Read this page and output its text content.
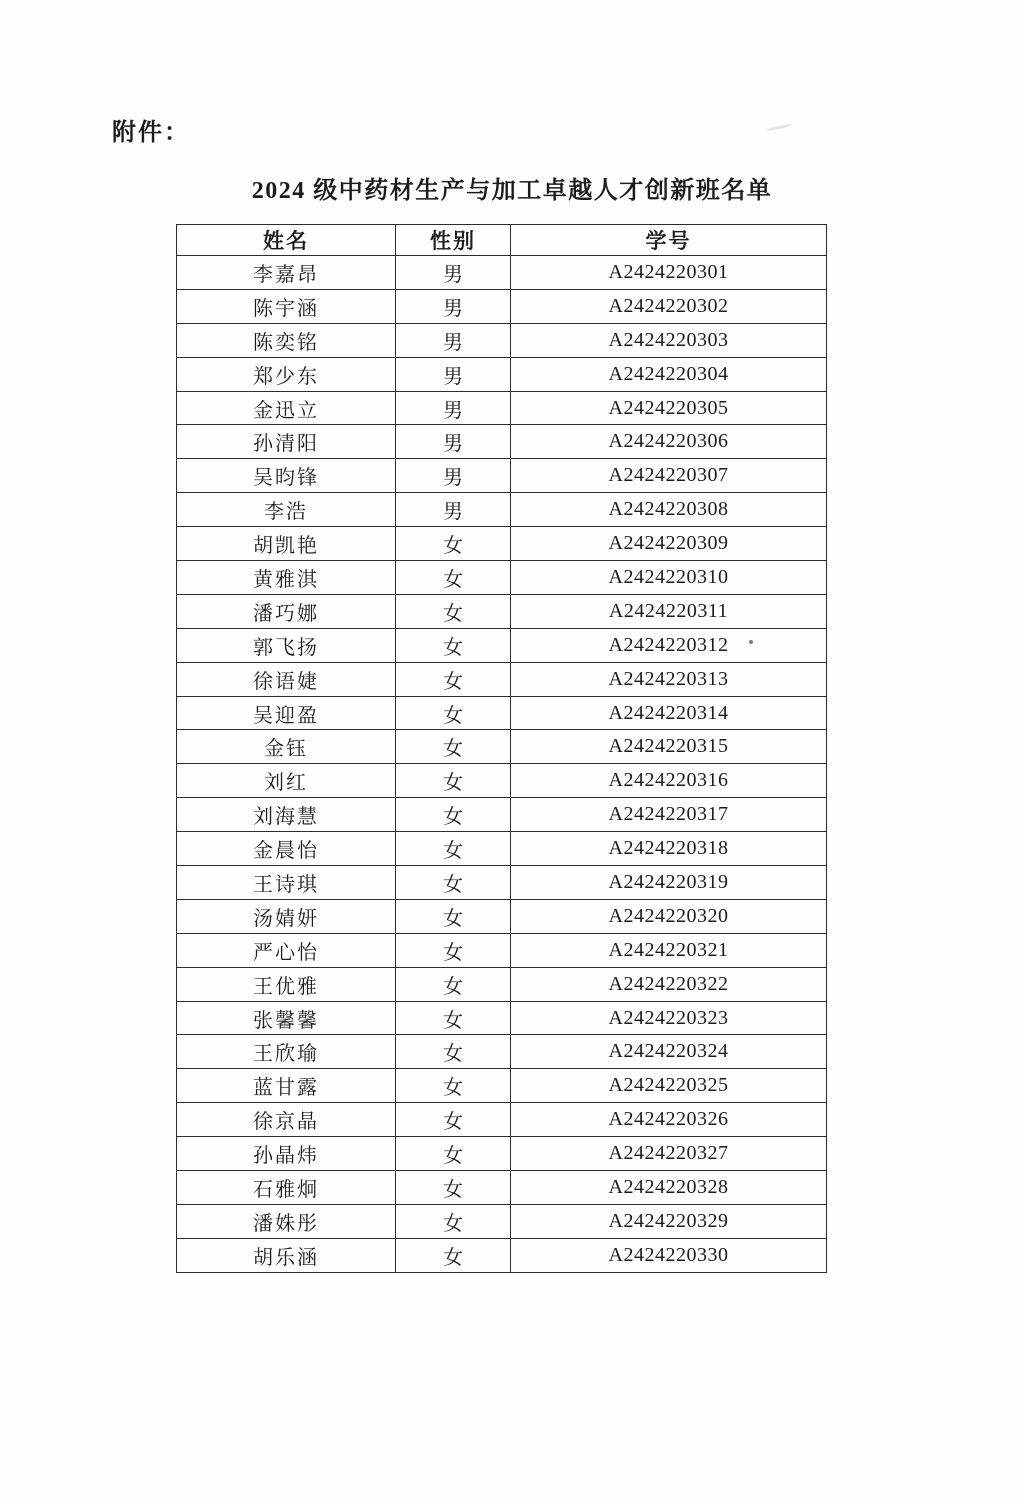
附件：
2024 级中药材生产与加工卓越人才创新班名单
姓名	性别	学号
李嘉昂	男	A2424220301
陈宇涵	男	A2424220302
陈奕铭	男	A2424220303
郑少东	男	A2424220304
金迅立	男	A2424220305
孙清阳	男	A2424220306
吴昀锋	男	A2424220307
李浩	男	A2424220308
胡凯艳	女	A2424220309
黄雅淇	女	A2424220310
潘巧娜	女	A2424220311
郭飞扬	女	A2424220312
徐语婕	女	A2424220313
吴迎盈	女	A2424220314
金钰	女	A2424220315
刘红	女	A2424220316
刘海慧	女	A2424220317
金晨怡	女	A2424220318
王诗琪	女	A2424220319
汤婧妍	女	A2424220320
严心怡	女	A2424220321
王优雅	女	A2424220322
张馨馨	女	A2424220323
王欣瑜	女	A2424220324
蓝甘露	女	A2424220325
徐京晶	女	A2424220326
孙晶炜	女	A2424220327
石雅炯	女	A2424220328
潘姝彤	女	A2424220329
胡乐涵	女	A2424220330
